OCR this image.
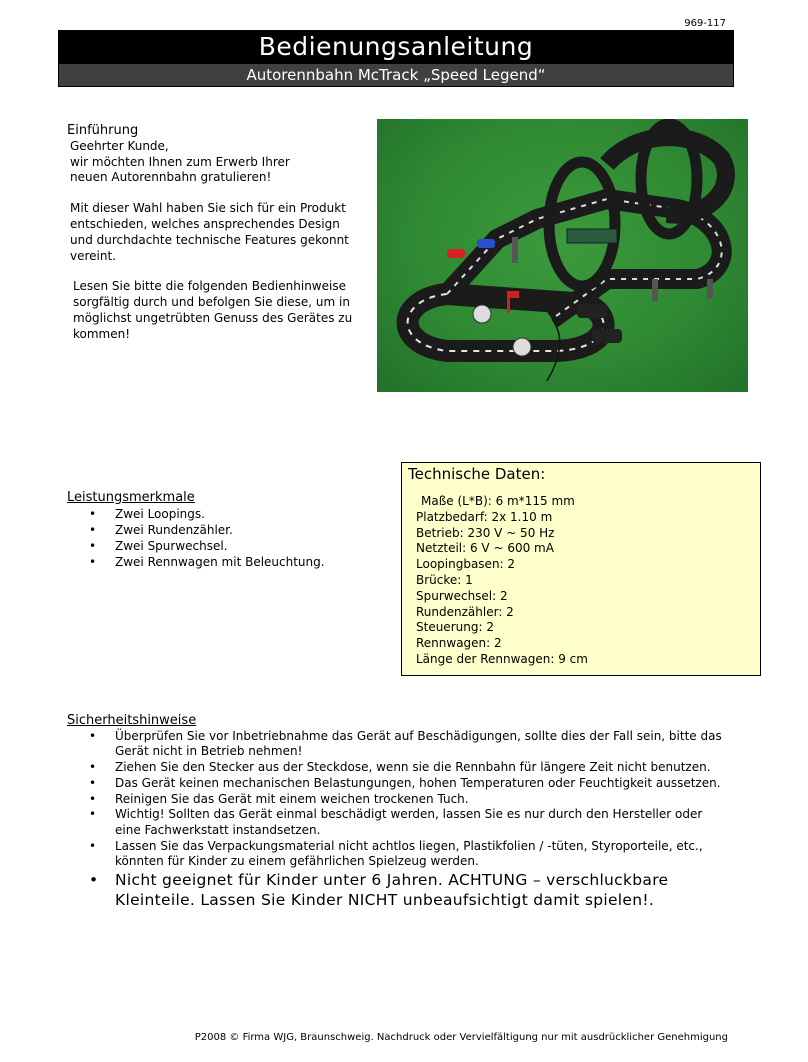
969-117
Bedienungsanleitung
Autorennbahn McTrack „Speed Legend“

Einführung

Geehrter Kunde,

wir möchten Ihnen zum Erwerb Ihrer

neuen Autorennbahn gratulieren!

Mit dieser Wahl haben Sie sich für ein Produkt

entschieden, welches ansprechendes Design

und durchdachte technische Features gekonnt

vereint.

Lesen Sie bitte die folgenden Bedienhinweise

sorgfältig durch und befolgen Sie diese, um in

möglichst ungetrübten Genuss des Gerätes zu

kommen!

Leistungsmerkmale
• Zwei Loopings.
• Zwei Rundenzähler.
• Zwei Spurwechsel.
• Zwei Rennwagen mit Beleuchtung.
Technische Daten:
Maße (L*B): 6 m*115 mm
Platzbedarf: 2x 1.10 m
Betrieb: 230 V ~ 50 Hz
Netzteil: 6 V ~ 600 mA
Loopingbasen: 2
Brücke: 1
Spurwechsel: 2
Rundenzähler: 2
Steuerung: 2
Rennwagen: 2
Länge der Rennwagen: 9 cm
Sicherheitshinweise
• Überprüfen Sie vor Inbetriebnahme das Gerät auf Beschädigungen, sollte dies der Fall sein, bitte das Gerät nicht in Betrieb nehmen!
• Ziehen Sie den Stecker aus der Steckdose, wenn sie die Rennbahn für längere Zeit nicht benutzen.
• Das Gerät keinen mechanischen Belastungungen, hohen Temperaturen oder Feuchtigkeit aussetzen.
• Reinigen Sie das Gerät mit einem weichen trockenen Tuch.
• Wichtig! Sollten das Gerät einmal beschädigt werden, lassen Sie es nur durch den Hersteller oder eine Fachwerkstatt instandsetzen.
• Lassen Sie das Verpackungsmaterial nicht achtlos liegen, Plastikfolien / -tüten, Styroporteile, etc., könnten für Kinder zu einem gefährlichen Spielzeug werden.
• Nicht geeignet für Kinder unter 6 Jahren. ACHTUNG – verschluckbare Kleinteile. Lassen Sie Kinder NICHT unbeaufsichtigt damit spielen!.
P2008 © Firma WJG, Braunschweig. Nachdruck oder Vervielfältigung nur mit ausdrücklicher Genehmigung
